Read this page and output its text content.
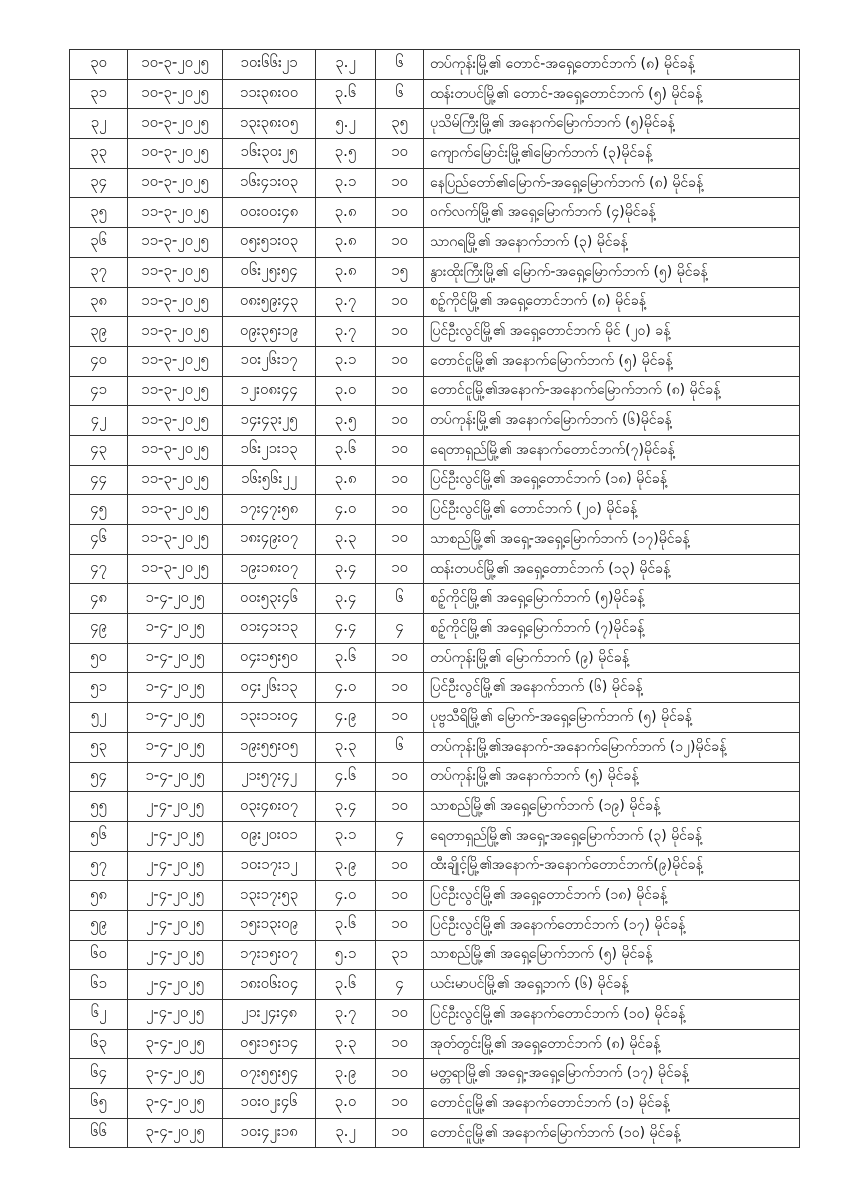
၃၀	၁၀-၃-၂၀၂၅	၁၀း၆၆း၂၁	၃.၂	၆	တပ်ကုန်းမြို့၏ တောင်-အရှေ့တောင်ဘက် (၈) မိုင်ခန့်
၃၁	၁၀-၃-၂၀၂၅	၁၁း၃၈း၀၀	၃.၆	၆	ထန်းတပင်မြို့၏ တောင်-အရှေ့တောင်ဘက် (၅) မိုင်ခန့်
၃၂	၁၀-၃-၂၀၂၅	၁၃း၃၈း၀၅	၅.၂	၃၅	ပုသိမ်ကြီးမြို့၏ အနောက်မြောက်ဘက် (၅)မိုင်ခန့်
၃၃	၁၀-၃-၂၀၂၅	၁၆း၃၀း၂၅	၃.၅	၁၀	ကျောက်မြောင်းမြို့၏မြောက်ဘက် (၃)မိုင်ခန့်
၃၄	၁၀-၃-၂၀၂၅	၁၆း၄၁း၀၃	၃.၁	၁၀	နေပြည်တော်၏မြောက်-အရှေ့မြောက်ဘက် (၈) မိုင်ခန့်
၃၅	၁၁-၃-၂၀၂၅	၀၀း၀၀း၄၈	၃.၈	၁၀	ဝက်လက်မြို့၏ အရှေ့မြောက်ဘက် (၄)မိုင်ခန့်
၃၆	၁၁-၃-၂၀၂၅	၀၅း၅၁း၀၃	၃.၈	၁၀	သာဂရမြို့၏ အနောက်ဘက် (၃) မိုင်ခန့်
၃၇	၁၁-၃-၂၀၂၅	၀၆း၂၅း၅၄	၃.၈	၁၅	နွားထိုးကြီးမြို့၏ မြောက်-အရှေ့မြောက်ဘက် (၅) မိုင်ခန့်
၃၈	၁၁-၃-၂၀၂၅	၀၈း၅၉း၄၃	၃.၇	၁၀	စဉ့်ကိုင်မြို့၏ အရှေ့တောင်ဘက် (၈) မိုင်ခန့်
၃၉	၁၁-၃-၂၀၂၅	၀၉း၃၅း၁၉	၃.၇	၁၀	ပြင်ဦးလွင်မြို့၏ အရှေ့တောင်ဘက် မိုင် (၂၀) ခန့်
၄၀	၁၁-၃-၂၀၂၅	၁၀း၂၆း၁၇	၃.၁	၁၀	တောင်ငူမြို့၏ အနောက်မြောက်ဘက် (၅) မိုင်ခန့်
၄၁	၁၁-၃-၂၀၂၅	၁၂း၀၈း၄၄	၃.၀	၁၀	တောင်ငူမြို့၏အနောက်-အနောက်မြောက်ဘက် (၈) မိုင်ခန့်
၄၂	၁၁-၃-၂၀၂၅	၁၄း၄၃း၂၅	၃.၅	၁၀	တပ်ကုန်းမြို့၏ အနောက်မြောက်ဘက် (၆)မိုင်ခန့်
၄၃	၁၁-၃-၂၀၂၅	၁၆း၂၁း၁၃	၃.၆	၁၀	ရေတာရှည်မြို့၏ အနောက်တောင်ဘက်(၇)မိုင်ခန့်
၄၄	၁၁-၃-၂၀၂၅	၁၆း၅၆း၂၂	၃.၈	၁၀	ပြင်ဦးလွင်မြို့၏ အရှေ့တောင်ဘက် (၁၈) မိုင်ခန့်
၄၅	၁၁-၃-၂၀၂၅	၁၇း၄၇း၅၈	၄.၀	၁၀	ပြင်ဦးလွင်မြို့၏ တောင်ဘက် (၂၀) မိုင်ခန့်
၄၆	၁၁-၃-၂၀၂၅	၁၈း၄၉း၀၇	၃.၃	၁၀	သာစည်မြို့၏ အရှေ့-အရှေ့မြောက်ဘက် (၁၇)မိုင်ခန့်
၄၇	၁၁-၃-၂၀၂၅	၁၉း၁၈း၀၇	၃.၄	၁၀	ထန်းတပင်မြို့၏ အရှေ့တောင်ဘက် (၁၃) မိုင်ခန့်
၄၈	၁-၄-၂၀၂၅	၀၀း၅၃း၄၆	၃.၄	၆	စဉ့်ကိုင်မြို့၏ အရှေ့မြောက်ဘက် (၅)မိုင်ခန့်
၄၉	၁-၄-၂၀၂၅	၀၁း၄၁း၁၃	၄.၄	၄	စဉ့်ကိုင်မြို့၏ အရှေ့မြောက်ဘက် (၇)မိုင်ခန့်
၅၀	၁-၄-၂၀၂၅	၀၄း၁၅း၅၀	၃.၆	၁၀	တပ်ကုန်းမြို့၏ မြောက်ဘက် (၉) မိုင်ခန့်
၅၁	၁-၄-၂၀၂၅	၀၄း၂၆း၁၃	၄.၀	၁၀	ပြင်ဦးလွင်မြို့၏ အနောက်ဘက် (၆) မိုင်ခန့်
၅၂	၁-၄-၂၀၂၅	၁၃း၁၁း၀၄	၄.၉	၁၀	ပုဗ္ဗသီရိမြို့၏ မြောက်-အရှေ့မြောက်ဘက် (၅) မိုင်ခန့်
၅၃	၁-၄-၂၀၂၅	၁၉း၅၅း၀၅	၃.၃	၆	တပ်ကုန်းမြို့၏အနောက်-အနောက်မြောက်ဘက် (၁၂)မိုင်ခန့်
၅၄	၁-၄-၂၀၂၅	၂၁း၅၇း၄၂	၄.၆	၁၀	တပ်ကုန်းမြို့၏ အနောက်ဘက် (၅) မိုင်ခန့်
၅၅	၂-၄-၂၀၂၅	၀၃း၄၈း၀၇	၃.၄	၁၀	သာစည်မြို့၏ အရှေ့မြောက်ဘက် (၁၉) မိုင်ခန့်
၅၆	၂-၄-၂၀၂၅	၀၉း၂၀း၀၁	၃.၁	၄	ရေတာရှည်မြို့၏ အရှေ့-အရှေ့မြောက်ဘက် (၃) မိုင်ခန့်
၅၇	၂-၄-၂၀၂၅	၁၀း၁၇း၁၂	၃.၉	၁၀	ထီးချိုင့်မြို့၏အနောက်-အနောက်တောင်ဘက်(၉)မိုင်ခန့်
၅၈	၂-၄-၂၀၂၅	၁၃း၁၇း၅၃	၄.၀	၁၀	ပြင်ဦးလွင်မြို့၏ အရှေ့တောင်ဘက် (၁၈) မိုင်ခန့်
၅၉	၂-၄-၂၀၂၅	၁၅း၁၃း၀၉	၃.၆	၁၀	ပြင်ဦးလွင်မြို့၏ အနောက်တောင်ဘက် (၁၇) မိုင်ခန့်
၆၀	၂-၄-၂၀၂၅	၁၇း၁၅း၀၇	၅.၁	၃၁	သာစည်မြို့၏ အရှေ့မြောက်ဘက် (၅) မိုင်ခန့်
၆၁	၂-၄-၂၀၂၅	၁၈း၀၆း၀၄	၃.၆	၄	ယင်းမာပင်မြို့၏ အရှေ့ဘက် (၆) မိုင်ခန့်
၆၂	၂-၄-၂၀၂၅	၂၁း၂၄း၄၈	၃.၇	၁၀	ပြင်ဦးလွင်မြို့၏ အနောက်တောင်ဘက် (၁၀) မိုင်ခန့်
၆၃	၃-၄-၂၀၂၅	၀၅း၁၅း၁၄	၃.၃	၁၀	အုတ်တွင်းမြို့၏ အရှေ့တောင်ဘက် (၈) မိုင်ခန့်
၆၄	၃-၄-၂၀၂၅	၀၇း၅၅း၅၄	၃.၉	၁၀	မတ္တရာမြို့၏ အရှေ့-အရှေ့မြောက်ဘက် (၁၇) မိုင်ခန့်
၆၅	၃-၄-၂၀၂၅	၁၀း၀၂း၄၆	၃.၀	၁၀	တောင်ငူမြို့၏ အနောက်တောင်ဘက် (၁) မိုင်ခန့်
၆၆	၃-၄-၂၀၂၅	၁၀း၄၂း၁၈	၃.၂	၁၀	တောင်ငူမြို့၏ အနောက်မြောက်ဘက် (၁၀) မိုင်ခန့်
